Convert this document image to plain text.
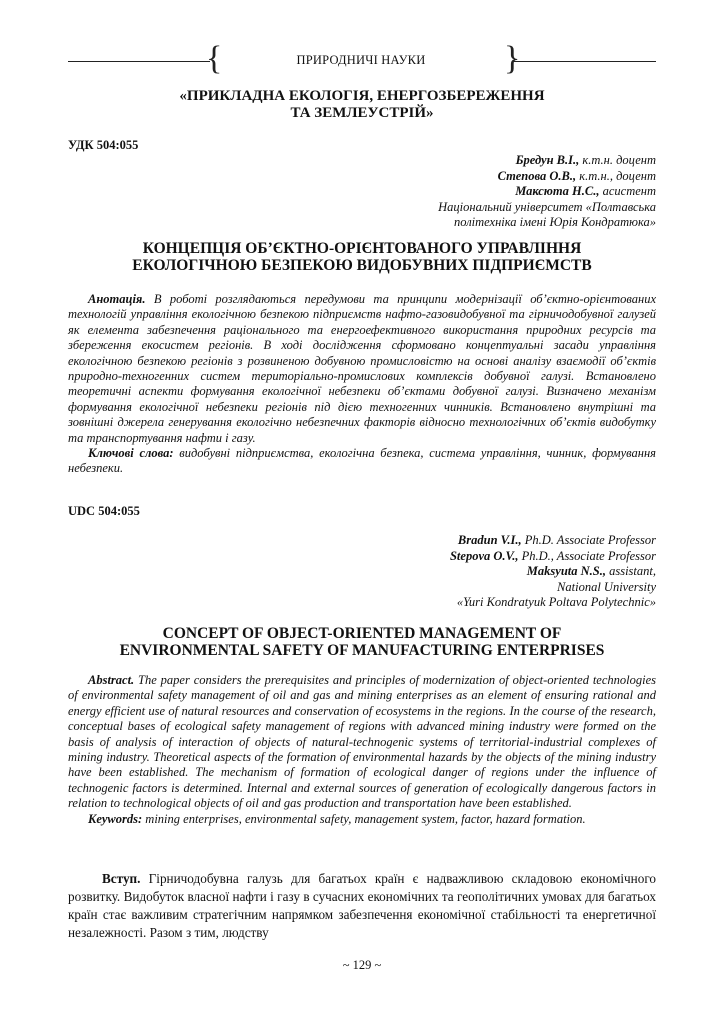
{	ПРИРОДНИЧІ НАУКИ	}
«ПРИКЛАДНА ЕКОЛОГІЯ, ЕНЕРГОЗБЕРЕЖЕННЯ
ТА ЗЕМЛЕУСТРІЙ»
УДК 504:055
Бредун В.І., к.т.н. доцент
Степова О.В., к.т.н., доцент
Максюта Н.С., асистент
Національний університет «Полтавська
політехніка імені Юрія Кондратюка»
КОНЦЕПЦІЯ ОБ’ЄКТНО-ОРІЄНТОВАНОГО УПРАВЛІННЯ
ЕКОЛОГІЧНОЮ БЕЗПЕКОЮ ВИДОБУВНИХ ПІДПРИЄМСТВ

Анотація. В роботі розглядаються передумови та принципи модернізації об’єктно-орієнтованих технологій управління екологічною безпекою підприємств нафто-газовидобувної та гірничодобувної галузей як елемента забезпечення раціонального та енергоефективного використання природних ресурсів та збереження екосистем регіонів. В ході дослідження сформовано концептуальні засади управління екологічною безпекою регіонів з розвиненою добувною промисловістю на основі аналізу взаємодії об’єктів природно-техногенних систем територіально-промислових комплексів добувної галузі. Встановлено теоретичні аспекти формування екологічної небезпеки об’єктами добувної галузі. Визначено механізм формування екологічної небезпеки регіонів під дією техногенних чинників. Встановлено внутрішні та зовнішні джерела генерування екологічно небезпечних факторів відносно технологічних об’єктів видобутку та транспортування нафти і газу.

Ключові слова: видобувні підприємства, екологічна безпека, система управління, чинник, формування небезпеки.

UDC 504:055
Bradun V.I., Ph.D. Associate Professor
Stepova O.V., Ph.D., Associate Professor
Maksyuta N.S., assistant,
National University
«Yuri Kondratyuk Poltava Polytechnic»
CONCEPT OF OBJECT-ORIENTED MANAGEMENT OF
ENVIRONMENTAL SAFETY OF MANUFACTURING ENTERPRISES

Abstract. The paper considers the prerequisites and principles of modernization of object-oriented technologies of environmental safety management of oil and gas and mining enterprises as an element of ensuring rational and energy efficient use of natural resources and conservation of ecosystems in the regions. In the course of the research, conceptual bases of ecological safety management of regions with advanced mining industry were formed on the basis of analysis of interaction of objects of natural-technogenic systems of territorial-industrial complexes of mining industry. Theoretical aspects of the formation of environmental hazards by the objects of the mining industry have been established. The mechanism of formation of ecological danger of regions under the influence of technogenic factors is determined. Internal and external sources of generation of ecologically dangerous factors in relation to technological objects of oil and gas production and transportation have been established.

Keywords: mining enterprises, environmental safety, management system, factor, hazard formation.

Вступ. Гірничодобувна галузь для багатьох країн є надважливою складовою економічного розвитку. Видобуток власної нафти і газу в сучасних економічних та геополітичних умовах для багатьох країн стає важливим стратегічним напрямком забезпечення економічної стабільності та енергетичної незалежності. Разом з тим, людству

~ 129 ~
